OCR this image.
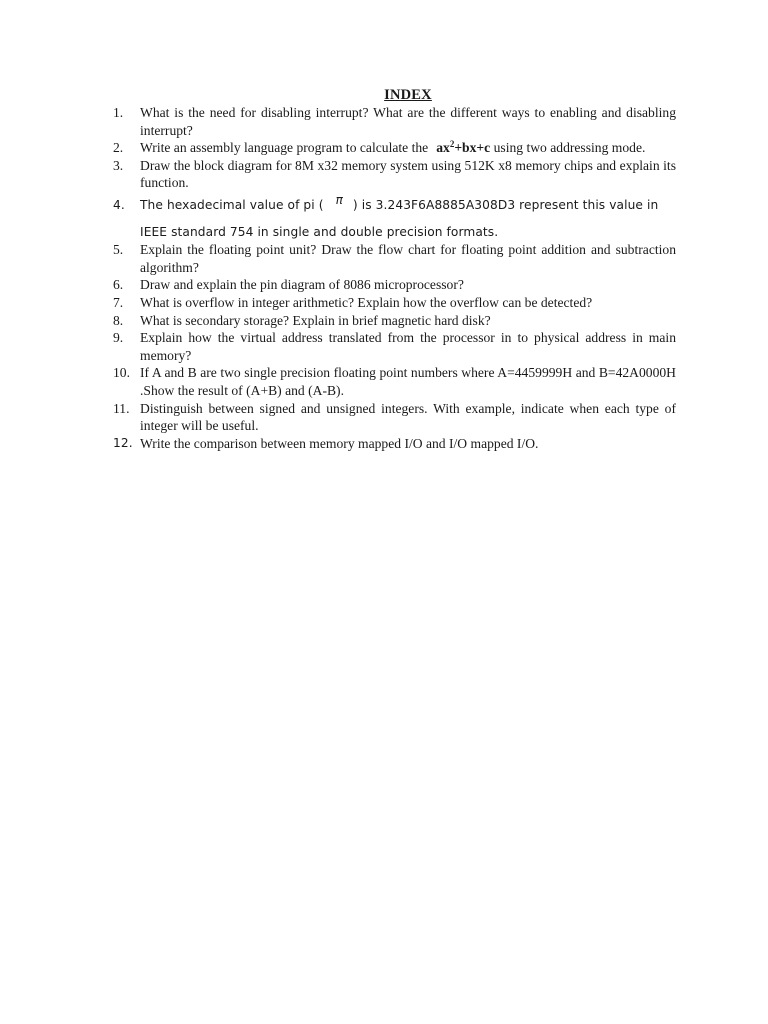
INDEX
1. What is the need for disabling interrupt? What are the different ways to enabling and disabling interrupt?
2. Write an assembly language program to calculate the $ax^2+bx+c$ using two addressing mode.
3. Draw the block diagram for 8M x32 memory system using 512K x8 memory chips and explain its function.
4. The hexadecimal value of pi ( π ) is 3.243F6A8885A308D3 represent this value in
IEEE standard 754 in single and double precision formats.
5. Explain the floating point unit? Draw the flow chart for floating point addition and subtraction algorithm?
6. Draw and explain the pin diagram of 8086 microprocessor?
7. What is overflow in integer arithmetic? Explain how the overflow can be detected?
8. What is secondary storage? Explain in brief magnetic hard disk?
9. Explain how the virtual address translated from the processor in to physical address in main memory?
10. If A and B are two single precision floating point numbers where A=4459999H and B=42A0000H .Show the result of (A+B) and (A-B).
11. Distinguish between signed and unsigned integers. With example, indicate when each type of integer will be useful.
12. Write the comparison between memory mapped I/O and I/O mapped I/O.
